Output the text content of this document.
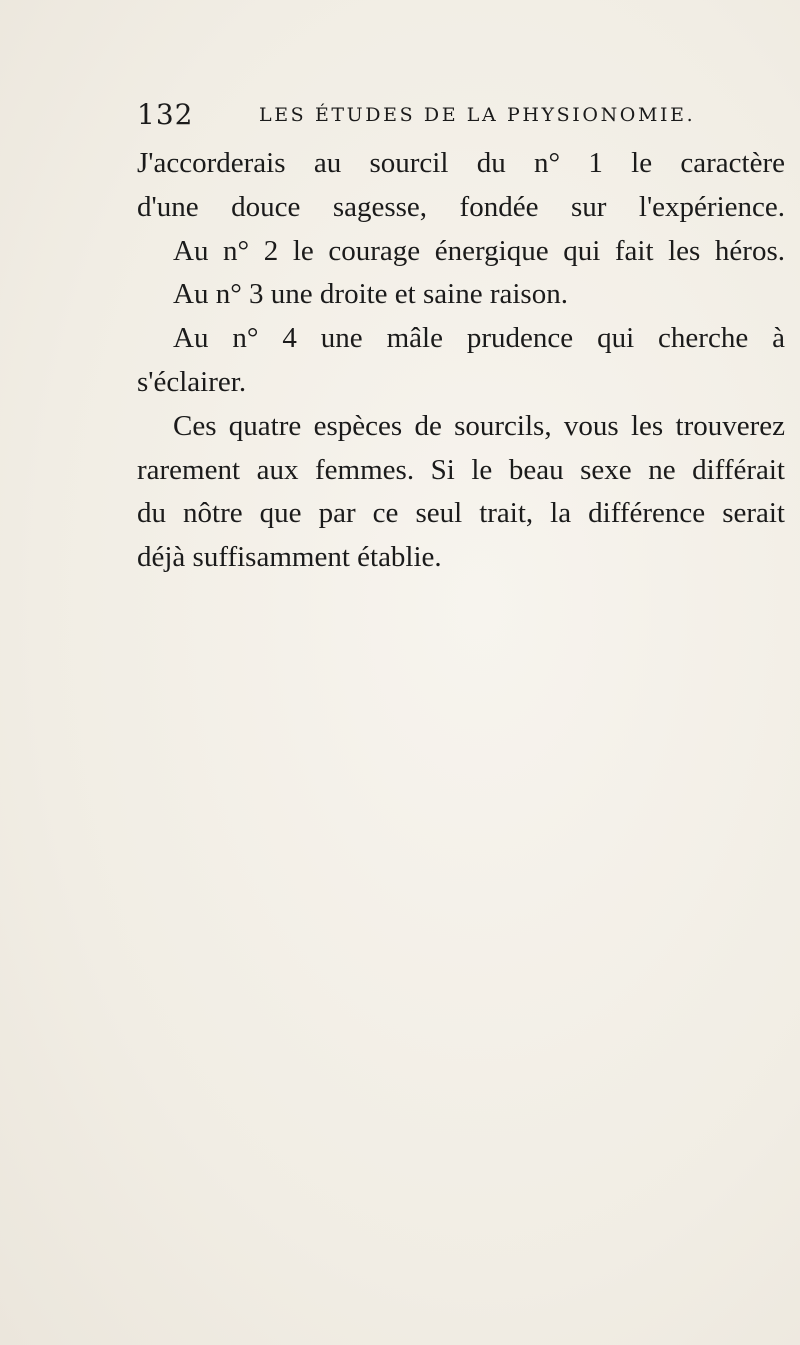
132	LES ÉTUDES DE LA PHYSIONOMIE.
J'accorderais au sourcil du n° 1 le caractère
d'une douce sagesse, fondée sur l'expérience.
Au n° 2 le courage énergique qui fait les héros.
Au n° 3 une droite et saine raison.
Au n° 4 une mâle prudence qui cherche à
s'éclairer.
Ces quatre espèces de sourcils, vous les trouverez
rarement aux femmes. Si le beau sexe ne différait
du nôtre que par ce seul trait, la différence serait
déjà suffisamment établie.
